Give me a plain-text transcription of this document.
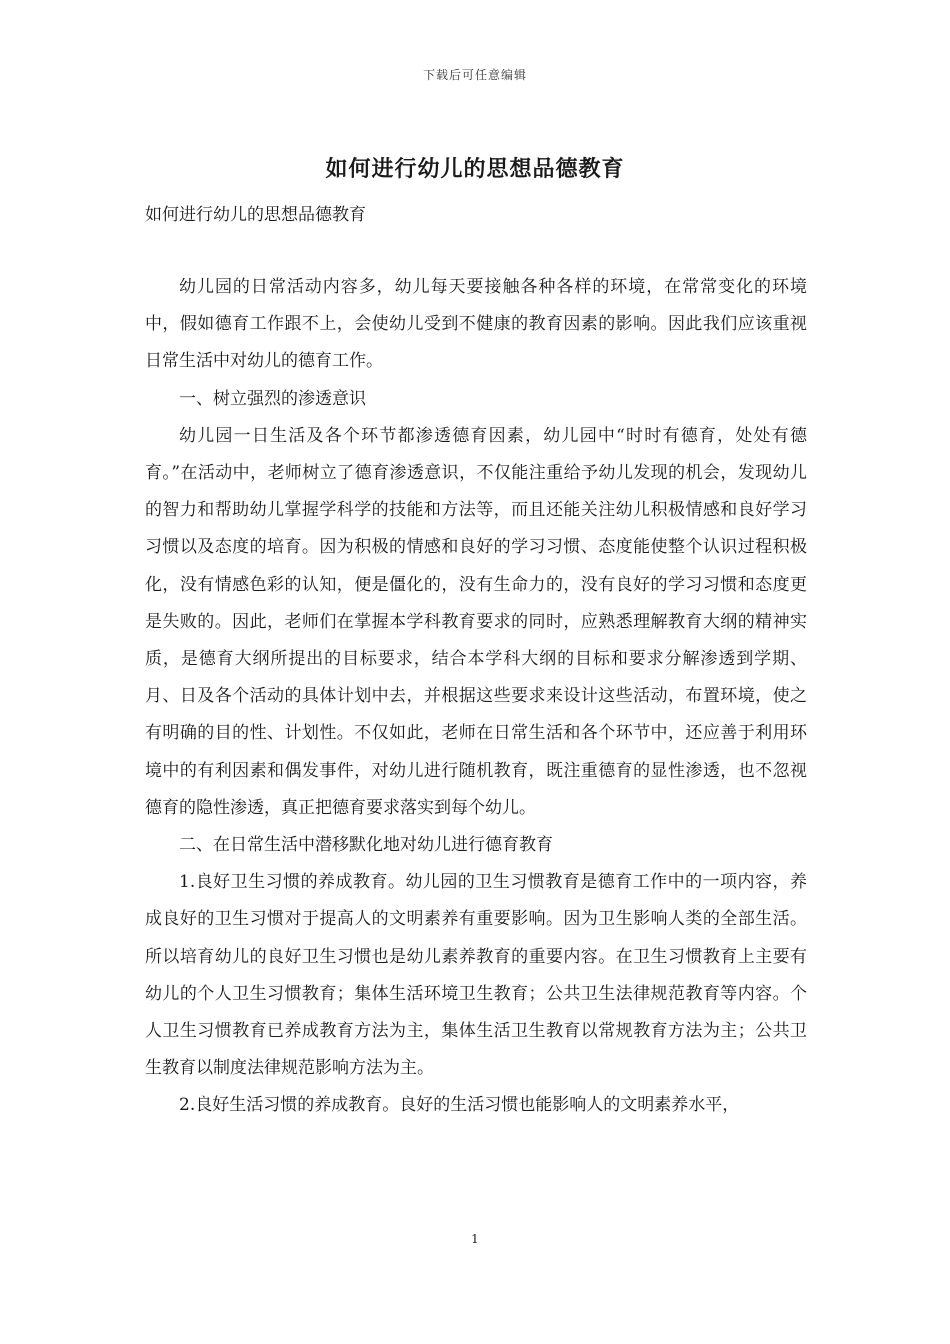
下载后可任意编辑
如何进行幼儿的思想品德教育
如何进行幼儿的思想品德教育

幼儿园的日常活动内容多，幼儿每天要接触各种各样的环境，在常常变化的环境中，假如德育工作跟不上，会使幼儿受到不健康的教育因素的影响。因此我们应该重视日常生活中对幼儿的德育工作。

一、树立强烈的渗透意识

幼儿园一日生活及各个环节都渗透德育因素，幼儿园中“时时有德育，处处有德育。”在活动中，老师树立了德育渗透意识，不仅能注重给予幼儿发现的机会，发现幼儿的智力和帮助幼儿掌握学科学的技能和方法等，而且还能关注幼儿积极情感和良好学习习惯以及态度的培育。因为积极的情感和良好的学习习惯、态度能使整个认识过程积极化，没有情感色彩的认知，便是僵化的，没有生命力的，没有良好的学习习惯和态度更是失败的。因此，老师们在掌握本学科教育要求的同时，应熟悉理解教育大纲的精神实质，是德育大纲所提出的目标要求，结合本学科大纲的目标和要求分解渗透到学期、月、日及各个活动的具体计划中去，并根据这些要求来设计这些活动，布置环境，使之有明确的目的性、计划性。不仅如此，老师在日常生活和各个环节中，还应善于利用环境中的有利因素和偶发事件，对幼儿进行随机教育，既注重德育的显性渗透，也不忽视德育的隐性渗透，真正把德育要求落实到每个幼儿。

二、在日常生活中潜移默化地对幼儿进行德育教育

1.良好卫生习惯的养成教育。幼儿园的卫生习惯教育是德育工作中的一项内容，养成良好的卫生习惯对于提高人的文明素养有重要影响。因为卫生影响人类的全部生活。所以培育幼儿的良好卫生习惯也是幼儿素养教育的重要内容。在卫生习惯教育上主要有幼儿的个人卫生习惯教育；集体生活环境卫生教育；公共卫生法律规范教育等内容。个人卫生习惯教育已养成教育方法为主，集体生活卫生教育以常规教育方法为主；公共卫生教育以制度法律规范影响方法为主。

2.良好生活习惯的养成教育。良好的生活习惯也能影响人的文明素养水平，

1
